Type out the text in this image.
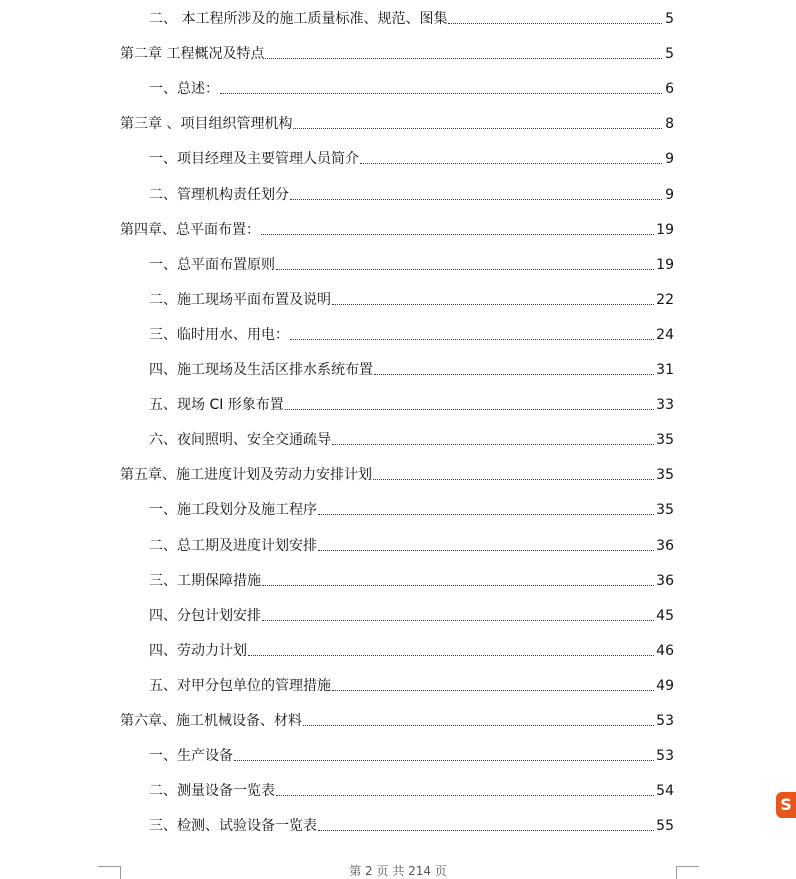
二、 本工程所涉及的施工质量标准、规范、图集	5
第二章 工程概况及特点	5
一、总述：	6
第三章 、项目组织管理机构	8
一、项目经理及主要管理人员简介	9
二、管理机构责任划分	9
第四章、总平面布置：	19
一、总平面布置原则	19
二、施工现场平面布置及说明	22
三、临时用水、用电：	24
四、施工现场及生活区排水系统布置	31
五、现场 CI 形象布置	33
六、夜间照明、安全交通疏导	35
第五章、施工进度计划及劳动力安排计划	35
一、施工段划分及施工程序	35
二、总工期及进度计划安排	36
三、工期保障措施	36
四、分包计划安排	45
四、劳动力计划	46
五、对甲分包单位的管理措施	49
第六章、施工机械设备、材料	53
一、生产设备	53
二、测量设备一览表	54
三、检测、试验设备一览表	55
第 2 页 共 214 页
S
